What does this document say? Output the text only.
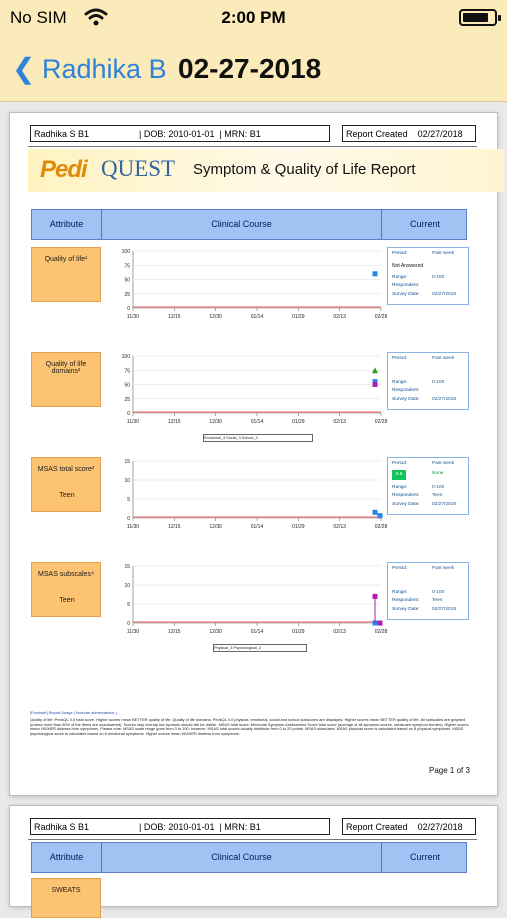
No SIM	2:00 PM
❮ Radhika B 02-27-2018
Radhika S B1                    | DOB: 2010-01-01  | MRN: B1	Report Created 02/27/2018
Pedi QUEST Symptom & Quality of Life Report
Attribute	Clinical Course	Current
Quality of life¹
0
25
50
75
100
11/30	12/15	12/30	01/14	01/29	02/13	02/28
Period:	Past week
Not Answered
Range:	0-100
Respondent:
Survey Date:	02/27/2018
Quality of life domains²
0
25
50
75
100
11/30	12/15	12/30	01/14	01/29	02/13	02/28
Period:	Past week
Range:	0-100
Respondent:
Survey Date:	02/27/2018
Emotional_3 Social_3 School_3
MSAS total score³
Teen
0
5
10
15
11/30	12/15	12/30	01/14	01/29	02/13	02/28
Period:	Past week
0.6	None
Range:	0-100
Respondent:	Teen
Survey Date:	02/27/2018
MSAS subscales⁴
Teen
0
5
10
15
11/30	12/15	12/30	01/14	01/29	02/13	02/28
Period:	Past week
Range:	0-100
Respondent:	Teen
Survey Date:	02/27/2018
Physical_3 Psychological_3
[Footnote] Report Usage ( footnote abbreviations )
Quality of life: PedsQL 4.0 total score. Higher scores mean BETTER quality of life. Quality of life domains: PedsQL 4.0 physical, emotional, social and school subscores are displayed. Higher scores mean BETTER quality of life. All subscales are graphed (unless more than 60% of the items are unanswered). Scores may overlap but symbols should still be visible. MSAS total score: Memorial Symptom Assessment Score total score (average of all symptom scores, measures symptom burden). Higher scores mean HIGHER distress from symptoms. Please note: MSAS scale range goes from 0 to 100; however, MSAS total scores usually distribute from 0 to 20 points. MSAS subscales: MSAS physical score is calculated based on 8 physical symptoms. MSAS psychological score is calculated based on 6 emotional symptoms. Higher scores mean HIGHER distress from symptoms.
Page 1 of 3
Radhika S B1                    | DOB: 2010-01-01  | MRN: B1	Report Created 02/27/2018
Attribute	Clinical Course	Current
SWEATS
